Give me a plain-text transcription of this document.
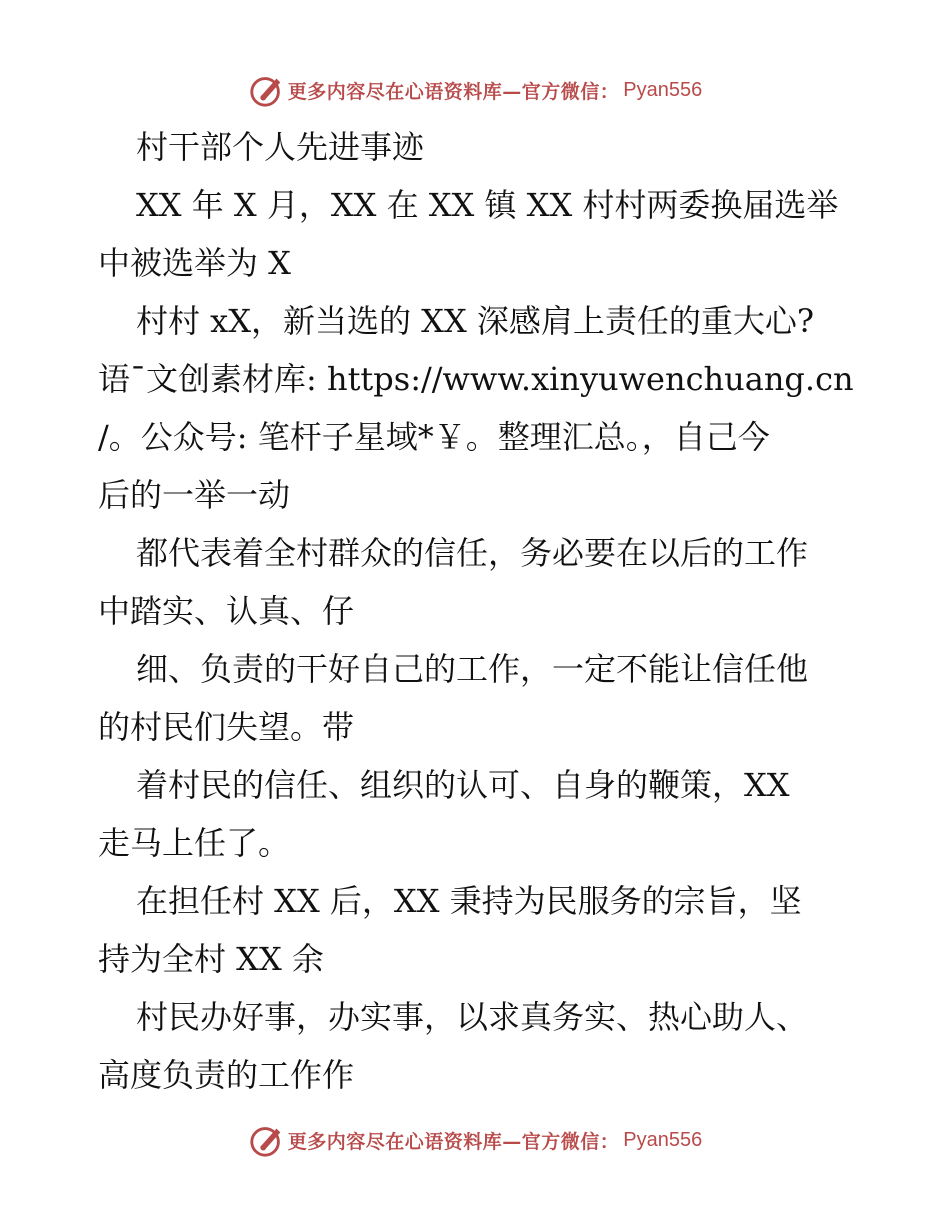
更多内容尽在心语资料库—官方微信： Pyan556
村干部个人先进事迹
XX 年 X 月，XX 在 XX 镇 XX 村村两委换届选举
中被选举为 X
村村 xX，新当选的 XX 深感肩上责任的重大心?
语¯文创素材库: https://www.xinyuwenchuang.cn
/。公众号: 笔杆子星域*￥。整理汇总。，自己今
后的一举一动
都代表着全村群众的信任，务必要在以后的工作
中踏实、认真、仔
细、负责的干好自己的工作，一定不能让信任他
的村民们失望。带
着村民的信任、组织的认可、自身的鞭策，XX
走马上任了。
在担任村 XX 后，XX 秉持为民服务的宗旨，坚
持为全村 XX 余
村民办好事，办实事，以求真务实、热心助人、
高度负责的工作作
更多内容尽在心语资料库—官方微信： Pyan556
